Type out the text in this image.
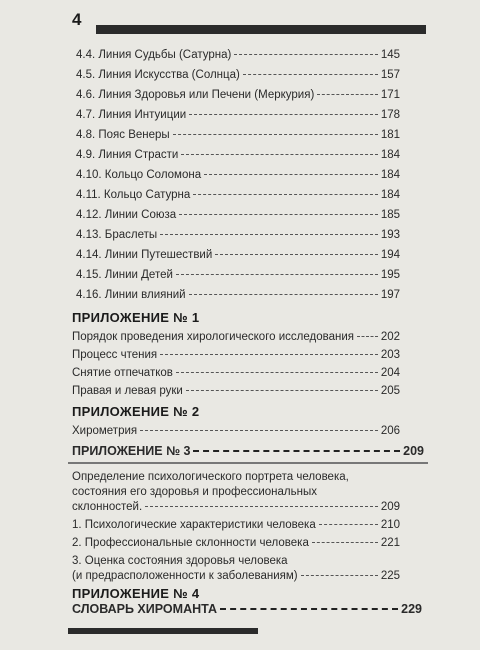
4
4.4. Линия Судьбы (Сатурна)	145
4.5. Линия Искусства (Солнца)	157
4.6. Линия Здоровья или Печени (Меркурия)	171
4.7. Линия Интуиции	178
4.8. Пояс Венеры	181
4.9. Линия Страсти	184
4.10. Кольцо Соломона	184
4.11. Кольцо Сатурна	184
4.12. Линии Союза	185
4.13. Браслеты	193
4.14. Линии Путешествий	194
4.15. Линии Детей	195
4.16. Линии влияний	197
ПРИЛОЖЕНИЕ № 1
Порядок проведения хирологического исследования 202
Процесс чтения	203
Снятие отпечатков	204
Правая и левая руки	205
ПРИЛОЖЕНИЕ № 2
Хирометрия	206
ПРИЛОЖЕНИЕ № 3	209
Определение психологического портрета человека,
состояния его здоровья и профессиональных
склонностей.	209
1. Психологические характеристики человека	210
2. Профессиональные склонности человека	221
3. Оценка состояния здоровья человека
(и предрасположенности к заболеваниям)	225
ПРИЛОЖЕНИЕ № 4
СЛОВАРЬ ХИРОМАНТА	229
